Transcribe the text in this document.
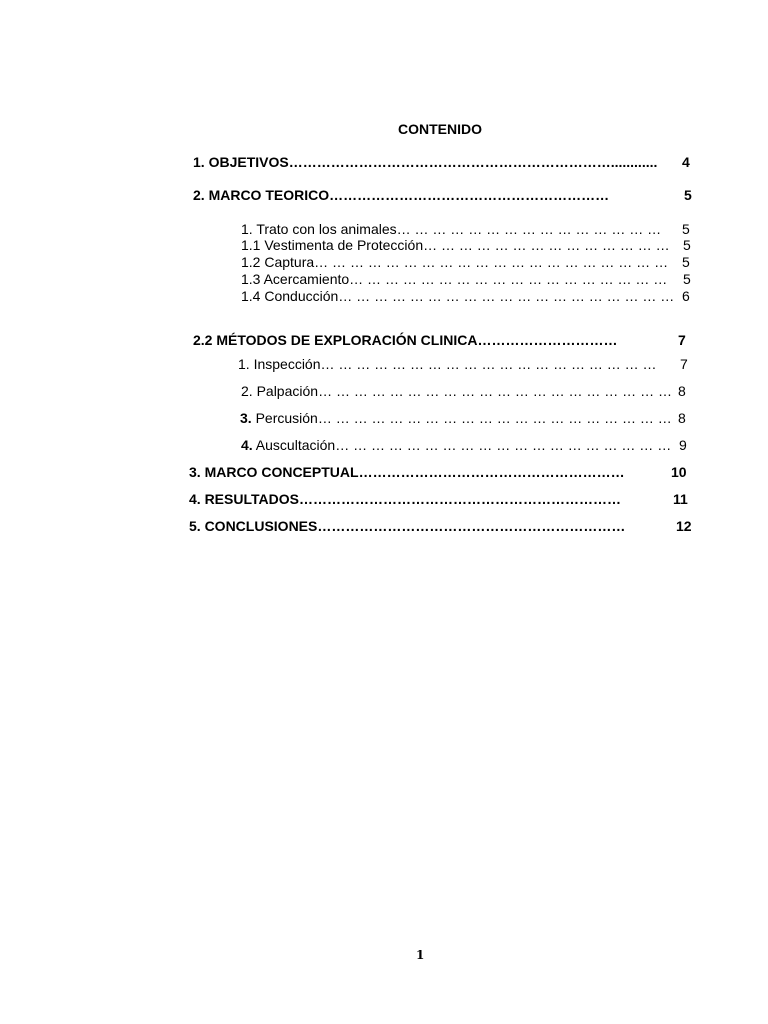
CONTENIDO
1. OBJETIVOS……………………………………………………………............ 4
2. MARCO TEORICO……………………………………………………	5
1. Trato con los animales… … … … … … … … … … … … … … … 5
1.1 Vestimenta de Protección… … … … … … … … … … … … … … 5
1.2 Captura… … … … … … … … … … … … … … … … … … … … 5
1.3 Acercamiento… … … … … … … … … … … … … … … … … … 5
1.4 Conducción… … … … … … … … … … … … … … … … … … … 6
2.2 MÉTODOS DE EXPLORACIÓN CLINICA…………………………	7
1. Inspección… … … … … … … … … … … … … … … … … … … 7
2. Palpación… … … … … … … … … … … … … … … … … … … … 8
3. Percusión… … … … … … … … … … … … … … … … … … … … 8
4. Auscultación… … … … … … … … … … … … … … … … … … … 9
3. MARCO CONCEPTUAL…………………………………………………	10
4. RESULTADOS……………………………………………………………	11
5. CONCLUSIONES…………………………………………………………	12
1
